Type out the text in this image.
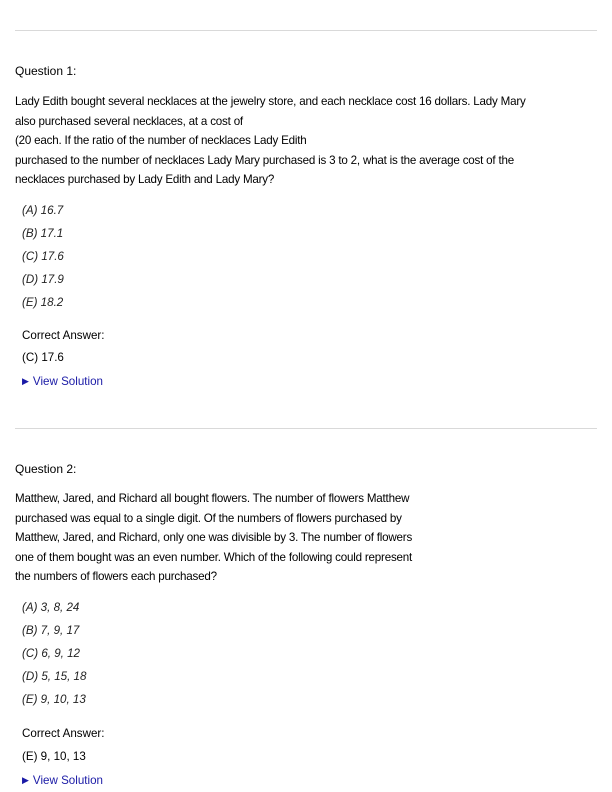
Question 1:
Lady Edith bought several necklaces at the jewelry store, and each necklace cost 16 dollars. Lady Mary
also purchased several necklaces, at a cost of
(20 each. If the ratio of the number of necklaces Lady Edith
purchased to the number of necklaces Lady Mary purchased is 3 to 2, what is the average cost of the
necklaces purchased by Lady Edith and Lady Mary?
(A) 16.7
(B) 17.1
(C) 17.6
(D) 17.9
(E) 18.2
Correct Answer:
(C) 17.6
▶ View Solution
Question 2:
Matthew, Jared, and Richard all bought flowers. The number of flowers Matthew
purchased was equal to a single digit. Of the numbers of flowers purchased by
Matthew, Jared, and Richard, only one was divisible by 3. The number of flowers
one of them bought was an even number. Which of the following could represent
the numbers of flowers each purchased?
(A) 3, 8, 24
(B) 7, 9, 17
(C) 6, 9, 12
(D) 5, 15, 18
(E) 9, 10, 13
Correct Answer:
(E) 9, 10, 13
▶ View Solution
